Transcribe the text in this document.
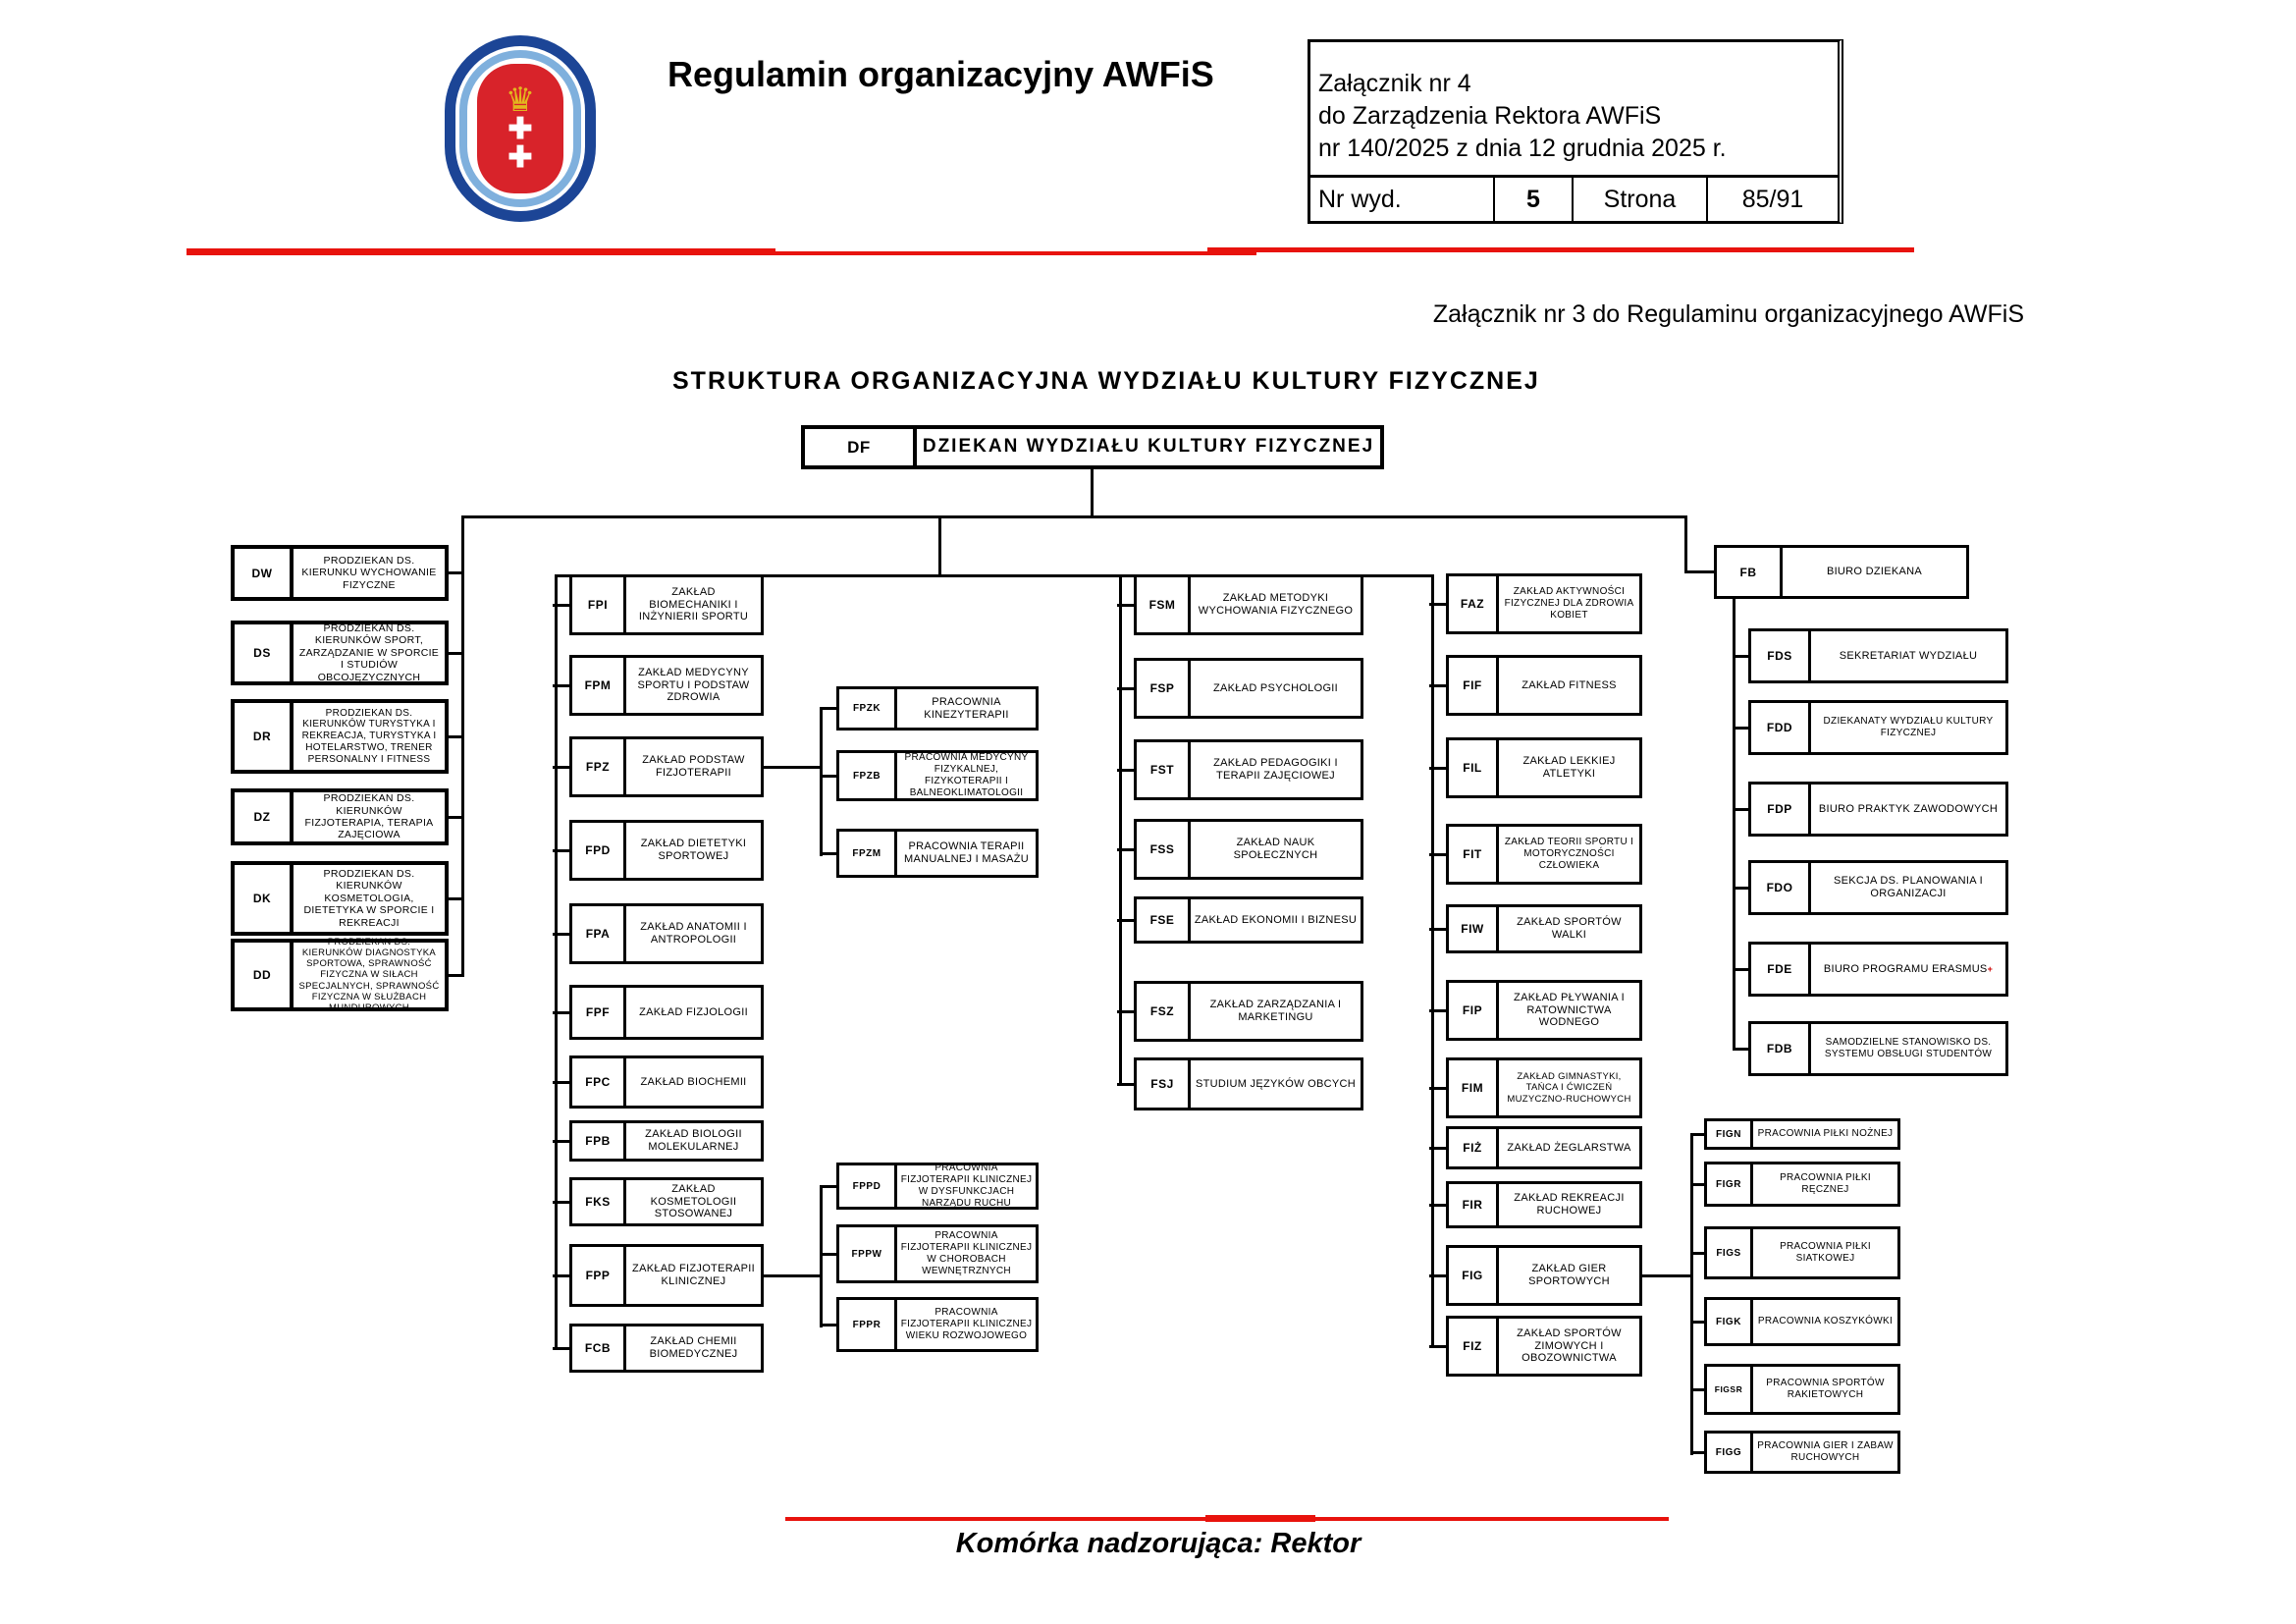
♛
✚
✚
Regulamin organizacyjny AWFiS	Załącznik nr 4
do Zarządzenia Rektora AWFiS
nr 140/2025 z dnia 12 grudnia 2025 r.
Nr wyd.	5	Strona	85/91
Załącznik nr 3 do Regulaminu organizacyjnego AWFiS
STRUKTURA ORGANIZACYJNA WYDZIAŁU KULTURY FIZYCZNEJ
DF	DZIEKAN WYDZIAŁU KULTURY FIZYCZNEJ
DW
PRODZIEKAN DS. KIERUNKU WYCHOWANIE FIZYCZNE
DS
PRODZIEKAN DS. KIERUNKÓW SPORT, ZARZĄDZANIE W SPORCIE I STUDIÓW OBCOJĘZYCZNYCH
DR
PRODZIEKAN DS. KIERUNKÓW TURYSTYKA I REKREACJA, TURYSTYKA I HOTELARSTWO, TRENER PERSONALNY I FITNESS
DZ
PRODZIEKAN DS. KIERUNKÓW FIZJOTERAPIA, TERAPIA ZAJĘCIOWA
DK
PRODZIEKAN DS. KIERUNKÓW KOSMETOLOGIA, DIETETYKA W SPORCIE I REKREACJI
DD
PRODZIEKAN DS. KIERUNKÓW DIAGNOSTYKA SPORTOWA, SPRAWNOŚĆ FIZYCZNA W SIŁACH SPECJALNYCH, SPRAWNOŚĆ FIZYCZNA W SŁUŻBACH MUNDUROWYCH
FPI
ZAKŁAD BIOMECHANIKI I INŻYNIERII SPORTU
FPM
ZAKŁAD MEDYCYNY SPORTU I PODSTAW ZDROWIA
FPZ	ZAKŁAD PODSTAW FIZJOTERAPII
FPD	ZAKŁAD DIETETYKI SPORTOWEJ
FPA	ZAKŁAD ANATOMII I ANTROPOLOGII
FPF	ZAKŁAD FIZJOLOGII
FPC	ZAKŁAD BIOCHEMII
FPB	ZAKŁAD BIOLOGII MOLEKULARNEJ
FKS
ZAKŁAD KOSMETOLOGII STOSOWANEJ
FPP	ZAKŁAD FIZJOTERAPII KLINICZNEJ
FCB	ZAKŁAD CHEMII BIOMEDYCZNEJ
FPZK
PRACOWNIA KINEZYTERAPII
FPZB
PRACOWNIA MEDYCYNY FIZYKALNEJ, FIZYKOTERAPII I BALNEOKLIMATOLOGII
FPZM
PRACOWNIA TERAPII MANUALNEJ I MASAŻU
FPPD
PRACOWNIA FIZJOTERAPII KLINICZNEJ W DYSFUNKCJACH NARZĄDU RUCHU
FPPW
PRACOWNIA FIZJOTERAPII KLINICZNEJ W CHOROBACH WEWNĘTRZNYCH
FPPR
PRACOWNIA FIZJOTERAPII KLINICZNEJ WIEKU ROZWOJOWEGO
FSM	ZAKŁAD METODYKI WYCHOWANIA FIZYCZNEGO
FSP	ZAKŁAD PSYCHOLOGII
FST	ZAKŁAD PEDAGOGIKI I TERAPII ZAJĘCIOWEJ
FSS	ZAKŁAD NAUK SPOŁECZNYCH
FSE	ZAKŁAD EKONOMII I BIZNESU
FSZ	ZAKŁAD ZARZĄDZANIA I MARKETINGU
FSJ	STUDIUM JĘZYKÓW OBCYCH
FAZ
ZAKŁAD AKTYWNOŚCI FIZYCZNEJ DLA ZDROWIA KOBIET
FIF	ZAKŁAD FITNESS
FIL	ZAKŁAD LEKKIEJ ATLETYKI
FIT
ZAKŁAD TEORII SPORTU I MOTORYCZNOŚCI CZŁOWIEKA
FIW	ZAKŁAD SPORTÓW WALKI
FIP
ZAKŁAD PŁYWANIA I RATOWNICTWA WODNEGO
FIM
ZAKŁAD GIMNASTYKI, TAŃCA I ĆWICZEŃ MUZYCZNO-RUCHOWYCH
FIŻ	ZAKŁAD ŻEGLARSTWA
FIR	ZAKŁAD REKREACJI RUCHOWEJ
FIG	ZAKŁAD GIER SPORTOWYCH
FIZ
ZAKŁAD SPORTÓW ZIMOWYCH I OBOZOWNICTWA
FIGN	PRACOWNIA PIŁKI NOŻNEJ
FIGR
PRACOWNIA PIŁKI RĘCZNEJ
FIGS
PRACOWNIA PIŁKI SIATKOWEJ
FIGK	PRACOWNIA KOSZYKÓWKI
FIGSR
PRACOWNIA SPORTÓW RAKIETOWYCH
FIGG
PRACOWNIA GIER I ZABAW RUCHOWYCH
FB	BIURO DZIEKANA
FDS	SEKRETARIAT WYDZIAŁU
FDD	DZIEKANATY WYDZIAŁU KULTURY FIZYCZNEJ
FDP	BIURO PRAKTYK ZAWODOWYCH
FDO	SEKCJA DS. PLANOWANIA I ORGANIZACJI
FDE	BIURO PROGRAMU ERASMUS +
FDB	SAMODZIELNE STANOWISKO DS. SYSTEMU OBSŁUGI STUDENTÓW
Komórka nadzorująca: Rektor
